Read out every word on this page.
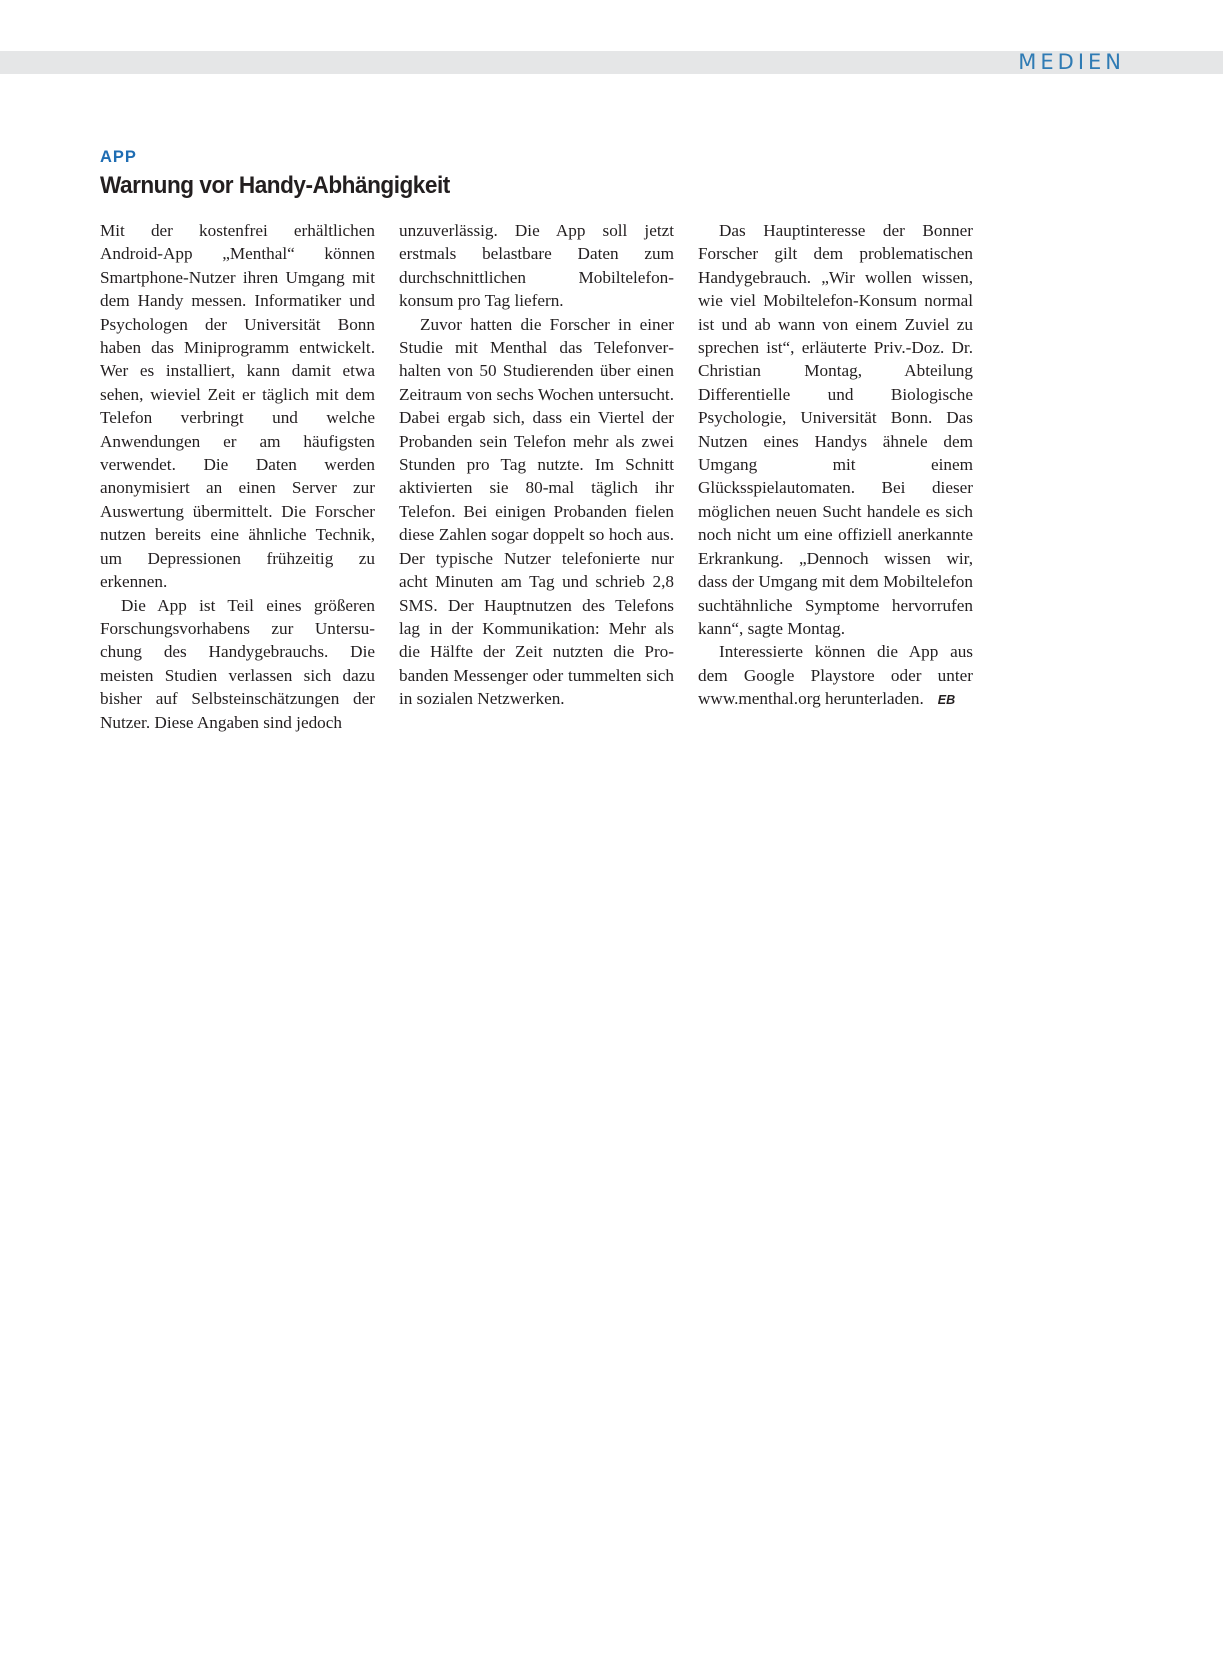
MEDIEN
APP
Warnung vor Handy-Abhängigkeit

Mit der kostenfrei erhältlichen Android-App „Menthal“ können Smartphone-Nutzer ihren Umgang mit dem Handy messen. Informatiker und Psychologen der Universität Bonn haben das Miniprogramm entwickelt. Wer es installiert, kann damit etwa sehen, wieviel Zeit er täglich mit dem Telefon verbringt und welche Anwendungen er am häufigsten verwendet. Die Daten werden anonymisiert an einen Server zur Auswertung übermittelt. Die Forscher nutzen bereits eine ähnliche Technik, um Depressionen frühzeitig zu erkennen.

Die App ist Teil eines größeren Forschungsvorhabens zur Untersuchung des Handygebrauchs. Die meisten Studien verlassen sich dazu bisher auf Selbsteinschätzungen der Nutzer. Diese Angaben sind jedoch

unzuverlässig. Die App soll jetzt erstmals belastbare Daten zum durchschnittlichen Mobiltelefonkonsum pro Tag liefern.

Zuvor hatten die Forscher in einer Studie mit Menthal das Telefonverhalten von 50 Studierenden über einen Zeitraum von sechs Wochen untersucht. Dabei ergab sich, dass ein Viertel der Probanden sein Telefon mehr als zwei Stunden pro Tag nutzte. Im Schnitt aktivierten sie 80-mal täglich ihr Telefon. Bei einigen Probanden fielen diese Zahlen sogar doppelt so hoch aus. Der typische Nutzer telefonierte nur acht Minuten am Tag und schrieb 2,8 SMS. Der Hauptnutzen des Telefons lag in der Kommunikation: Mehr als die Hälfte der Zeit nutzten die Probanden Messenger oder tummelten sich in sozialen Netzwerken.

Das Hauptinteresse der Bonner Forscher gilt dem problematischen Handygebrauch. „Wir wollen wissen, wie viel Mobiltelefon-Konsum normal ist und ab wann von einem Zuviel zu sprechen ist“, erläuterte Priv.-Doz. Dr. Christian Montag, Abteilung Differentielle und Biologische Psychologie, Universität Bonn. Das Nutzen eines Handys ähnele dem Umgang mit einem Glücksspielautomaten. Bei dieser möglichen neuen Sucht handele es sich noch nicht um eine offiziell anerkannte Erkrankung. „Dennoch wissen wir, dass der Umgang mit dem Mobiltelefon suchtähnliche Symptome hervorrufen kann“, sagte Montag.

Interessierte können die App aus dem Google Playstore oder unter www.menthal.org herunterladen. EB
